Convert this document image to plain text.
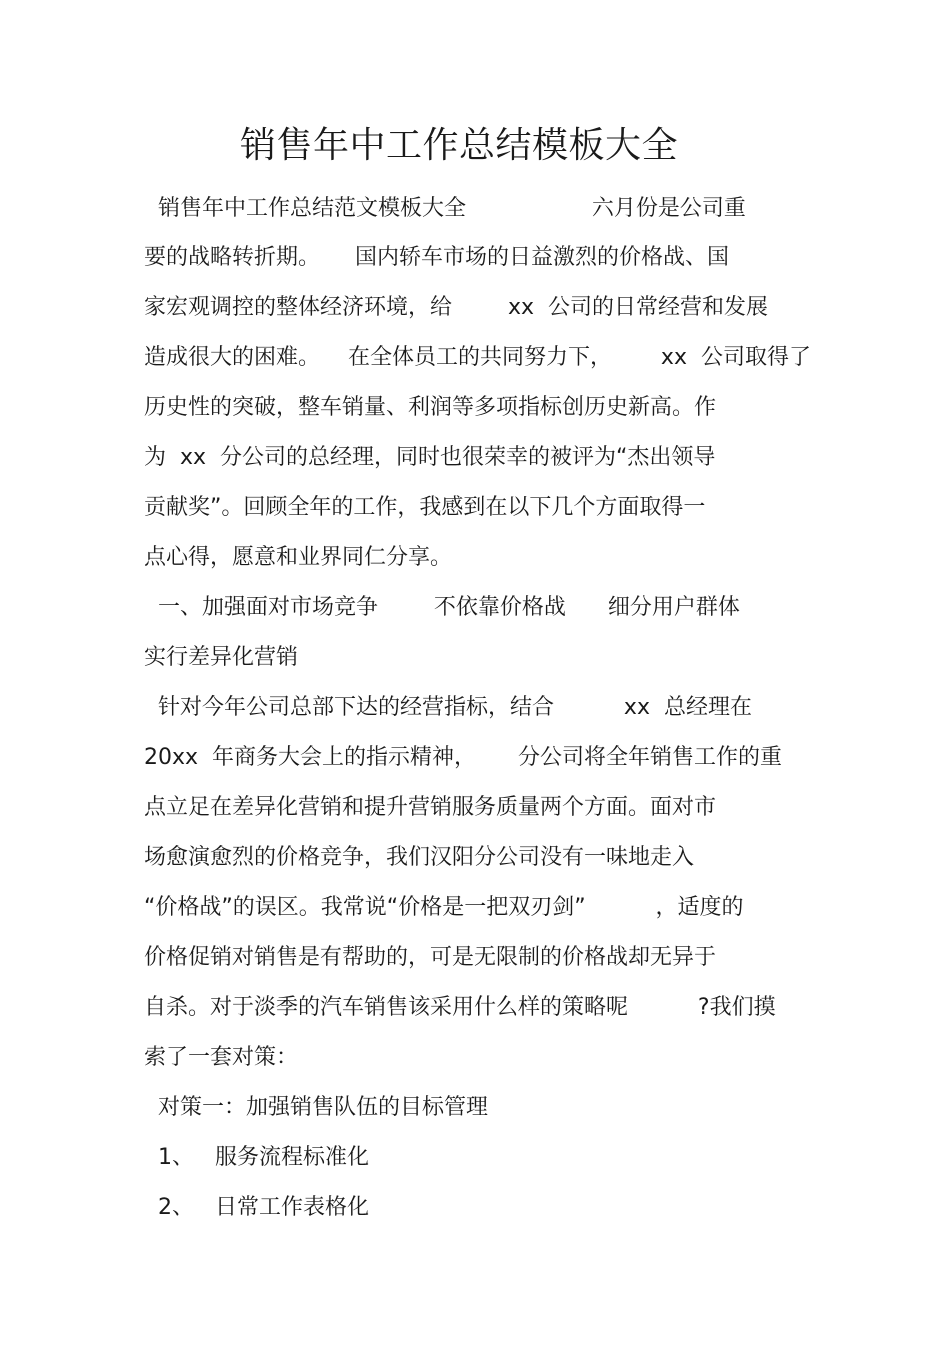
销售年中工作总结模板大全
销售年中工作总结范文模板大全                  六月份是公司重
要的战略转折期。     国内轿车市场的日益激烈的价格战、国
家宏观调控的整体经济环境，给        xx  公司的日常经营和发展
造成很大的困难。    在全体员工的共同努力下，       xx  公司取得了
历史性的突破，整车销量、利润等多项指标创历史新高。作
为  xx  分公司的总经理，同时也很荣幸的被评为“杰出领导
贡献奖”。回顾全年的工作，我感到在以下几个方面取得一
点心得，愿意和业界同仁分享。
一、加强面对市场竞争        不依靠价格战      细分用户群体
实行差异化营销
针对今年公司总部下达的经营指标，结合          xx  总经理在
20xx  年商务大会上的指示精神，      分公司将全年销售工作的重
点立足在差异化营销和提升营销服务质量两个方面。面对市
场愈演愈烈的价格竞争，我们汉阳分公司没有一味地走入
“价格战”的误区。我常说“价格是一把双刃剑”          ，适度的
价格促销对销售是有帮助的，可是无限制的价格战却无异于
自杀。对于淡季的汽车销售该采用什么样的策略呢          ?我们摸
索了一套对策：
对策一：加强销售队伍的目标管理
1、   服务流程标准化
2、   日常工作表格化
